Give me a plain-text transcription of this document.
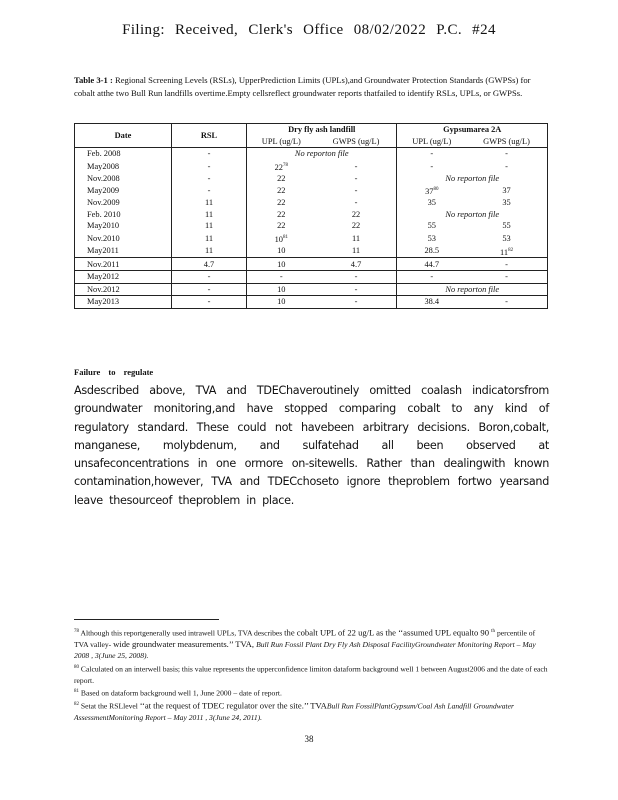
Filing: Received, Clerk's Office 08/02/2022 P.C. #24
Table 3-1 : Regional Screening Levels (RSLs), UpperPrediction Limits (UPLs),and Groundwater Protection Standards (GWPSs) for cobalt atthe two Bull Run landfills overtime.Empty cellsreflect groundwater reports thatfailed to identify RSLs, UPLs, or GWPSs.
Date	RSL	Dry fly ash landfill		Gypsumarea 2A	
		UPL (ug/L)	GWPS (ug/L)	UPL (ug/L)	GWPS (ug/L)
Feb. 2008	-	No reporton file		-	-
May2008	-	22$^{78}$	-	-	-
Nov.2008	-	22	-	No reporton file	
May2009	-	22	-	37$^{80}$	37
Nov.2009	11	22	-	35	35
Feb. 2010	11	22	22	No reporton file	
May2010	11	22	22	55	55
Nov.2010	11	10$^{81}$	11	53	53
May2011	11	10	11	28.5	11$^{82}$
Nov.2011	4.7	10	4.7	44.7	-
May2012	-	-	-	-	-
Nov.2012	-	10	-	No reporton file	
May2013	-	10	-	38.4	-
Failure to regulate
Asdescribed above, TVA and TDEChaveroutinely omitted coalash indicatorsfrom groundwater monitoring,and have stopped comparing cobalt to any kind of regulatory standard. These could not havebeen arbitrary decisions. Boron,cobalt, manganese, molybdenum, and sulfatehad all been observed at unsafeconcentrations in one ormore on-sitewells. Rather than dealingwith known contamination,however, TVA and TDECchoseto ignore theproblem fortwo yearsand leave thesourceof theproblem in place.

$^{78}$ Although this reportgenerally used intrawell UPLs, TVA describes the cobalt UPL of 22 ug/L as the ‘‘assumed UPL equalto 90 $^{th}$ percentile of TVA valley- wide groundwater measurements.’’ TVA, Bull Run Fossil Plant Dry Fly Ash Disposal FacilityGroundwater Monitoring Report – May 2008 , 3(June 25, 2008).

$^{80}$ Calculated on an interwell basis; this value represents the upperconfidence limiton dataform background well 1 between August2006 and the date of each report.

$^{81}$ Based on dataform background well 1, June 2000 – date of report.

$^{82}$ Setat the RSLlevel ‘‘at the request of TDEC regulator over the site.’’ TVABull Run FossilPlantGypsum/Coal Ash Landfill Groundwater AssessmentMonitoring Report – May 2011 , 3(June 24, 2011).

38
